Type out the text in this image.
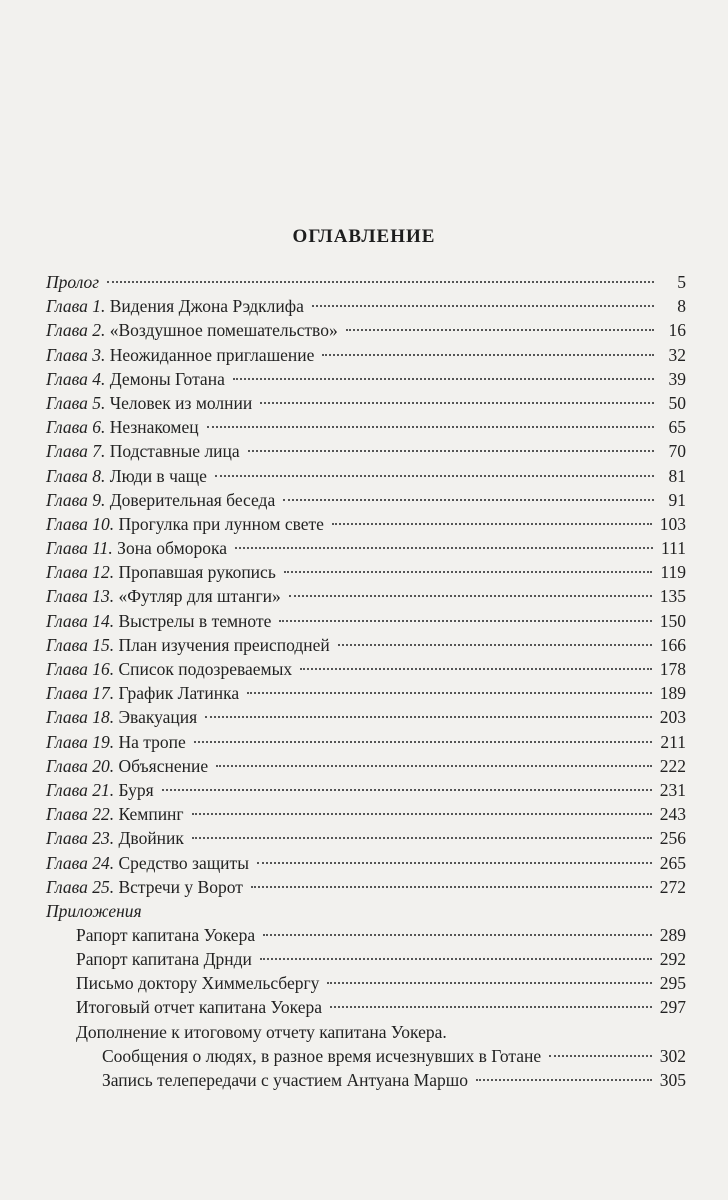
ОГЛАВЛЕНИЕ
Пролог	5
Глава 1. Видения Джона Рэдклифа	8
Глава 2. «Воздушное помешательство»	16
Глава 3. Неожиданное приглашение	32
Глава 4. Демоны Готана	39
Глава 5. Человек из молнии	50
Глава 6. Незнакомец	65
Глава 7. Подставные лица	70
Глава 8. Люди в чаще	81
Глава 9. Доверительная беседа	91
Глава 10. Прогулка при лунном свете	103
Глава 11. Зона обморока	111
Глава 12. Пропавшая рукопись	119
Глава 13. «Футляр для штанги»	135
Глава 14. Выстрелы в темноте	150
Глава 15. План изучения преисподней	166
Глава 16. Список подозреваемых	178
Глава 17. График Латинка	189
Глава 18. Эвакуация	203
Глава 19. На тропе	211
Глава 20. Объяснение	222
Глава 21. Буря	231
Глава 22. Кемпинг	243
Глава 23. Двойник	256
Глава 24. Средство защиты	265
Глава 25. Встречи у Ворот	272
Приложения
Рапорт капитана Уокера	289
Рапорт капитана Дрнди	292
Письмо доктору Химмельсбергу	295
Итоговый отчет капитана Уокера	297
Дополнение к итоговому отчету капитана Уокера.
Сообщения о людях, в разное время исчезнувших в Готане	302
Запись телепередачи с участием Антуана Маршо	305
